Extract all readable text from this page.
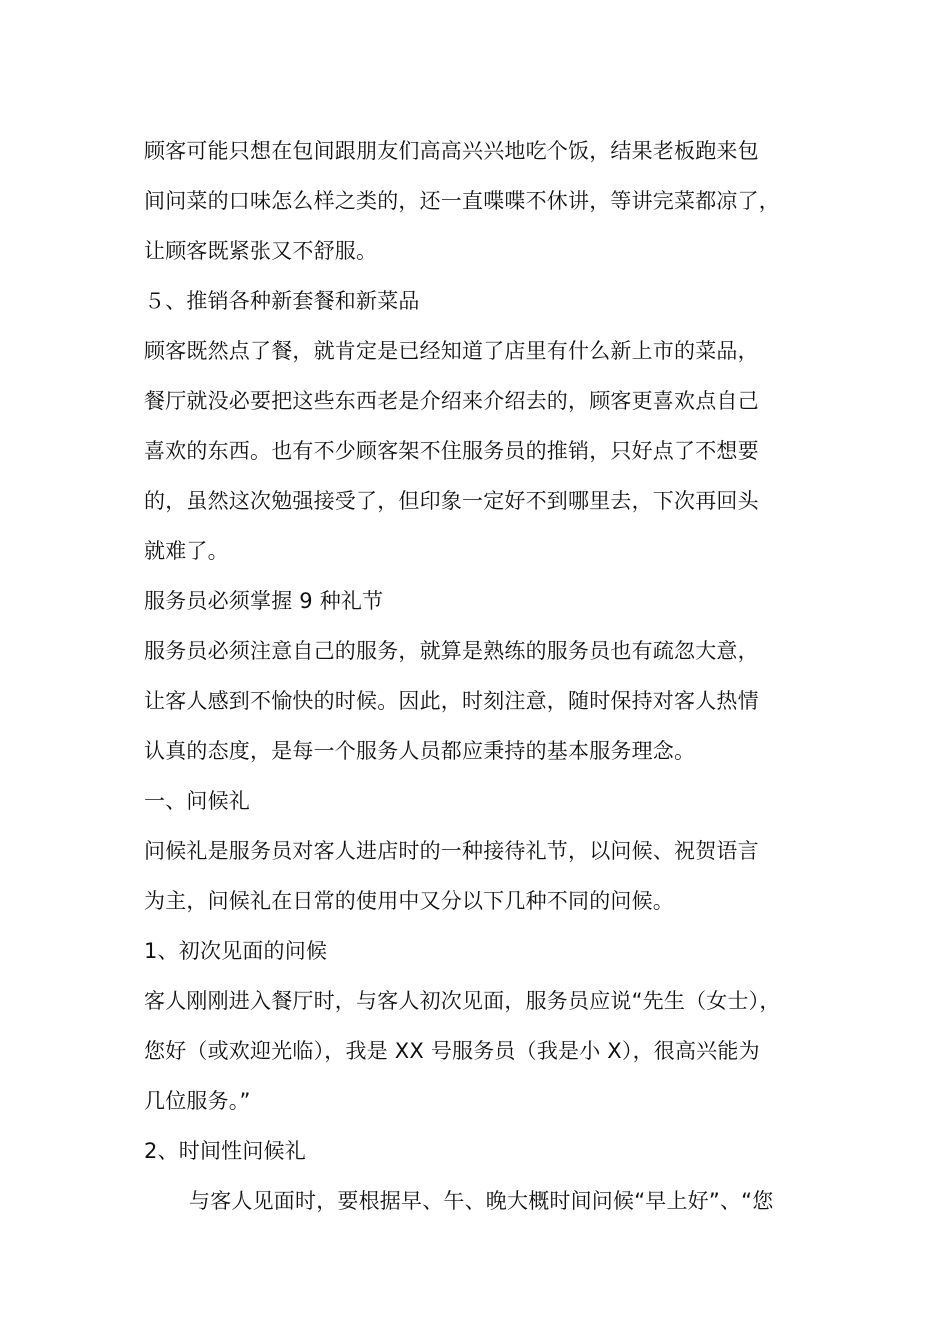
顾客可能只想在包间跟朋友们高高兴兴地吃个饭，结果老板跑来包
间问菜的口味怎么样之类的，还一直喋喋不休讲，等讲完菜都凉了，
让顾客既紧张又不舒服。
５、推销各种新套餐和新菜品
顾客既然点了餐，就肯定是已经知道了店里有什么新上市的菜品，
餐厅就没必要把这些东西老是介绍来介绍去的，顾客更喜欢点自己
喜欢的东西。也有不少顾客架不住服务员的推销，只好点了不想要
的，虽然这次勉强接受了，但印象一定好不到哪里去，下次再回头
就难了。
服务员必须掌握 9 种礼节
服务员必须注意自己的服务，就算是熟练的服务员也有疏忽大意，
让客人感到不愉快的时候。因此，时刻注意，随时保持对客人热情
认真的态度，是每一个服务人员都应秉持的基本服务理念。
一、问候礼
问候礼是服务员对客人进店时的一种接待礼节，以问候、祝贺语言
为主，问候礼在日常的使用中又分以下几种不同的问候。
1、初次见面的问候
客人刚刚进入餐厅时，与客人初次见面，服务员应说“先生（女士），
您好（或欢迎光临），我是 XX 号服务员（我是小 X），很高兴能为
几位服务。”
2、时间性问候礼
与客人见面时，要根据早、午、晚大概时间问候“早上好”、“您
